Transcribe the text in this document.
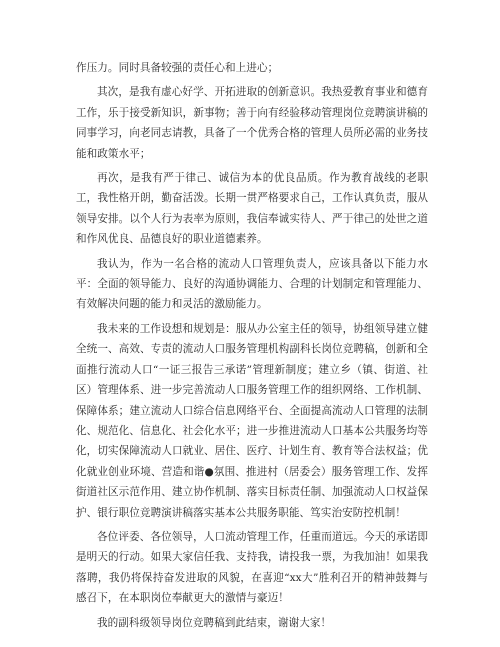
作压力。同时具备较强的责任心和上进心；

其次，是我有虚心好学、开拓进取的创新意识。我热爱教育事业和德育工作，乐于接受新知识，新事物；善于向有经验移动管理岗位竞聘演讲稿的同事学习，向老同志请教，具备了一个优秀合格的管理人员所必需的业务技能和政策水平；

再次，是我有严于律己、诚信为本的优良品质。作为教育战线的老职工，我性格开朗，勤奋活泼。长期一贯严格要求自己，工作认真负责，服从领导安排。以个人行为表率为原则，我信奉诚实待人、严于律己的处世之道和作风优良、品德良好的职业道德素养。

我认为，作为一名合格的流动人口管理负责人，应该具备以下能力水平：全面的领导能力、良好的沟通协调能力、合理的计划制定和管理能力、有效解决问题的能力和灵活的激励能力。

我未来的工作设想和规划是：服从办公室主任的领导，协组领导建立健全统一、高效、专责的流动人口服务管理机构副科长岗位竞聘稿，创新和全面推行流动人口“一证三报告三承诺”管理新制度；建立乡（镇、街道、社区）管理体系、进一步完善流动人口服务管理工作的组织网络、工作机制、保障体系；建立流动人口综合信息网络平台、全面提高流动人口管理的法制化、规范化、信息化、社会化水平；进一步推进流动人口基本公共服务均等化，切实保障流动人口就业、居住、医疗、计划生育、教育等合法权益；优化就业创业环境、营造和谐●氛围、推进村（居委会）服务管理工作、发挥街道社区示范作用、建立协作机制、落实目标责任制、加强流动人口权益保护、银行职位竞聘演讲稿落实基本公共服务职能、笃实治安防控机制！

各位评委、各位领导，人口流动管理工作，任重而道远。今天的承诺即是明天的行动。如果大家信任我、支持我，请投我一票，为我加油！如果我落聘，我仍将保持奋发进取的风貌，在喜迎“xx大”胜利召开的精神鼓舞与感召下，在本职岗位奉献更大的激情与豪迈！

我的副科级领导岗位竞聘稿到此结束，谢谢大家！
